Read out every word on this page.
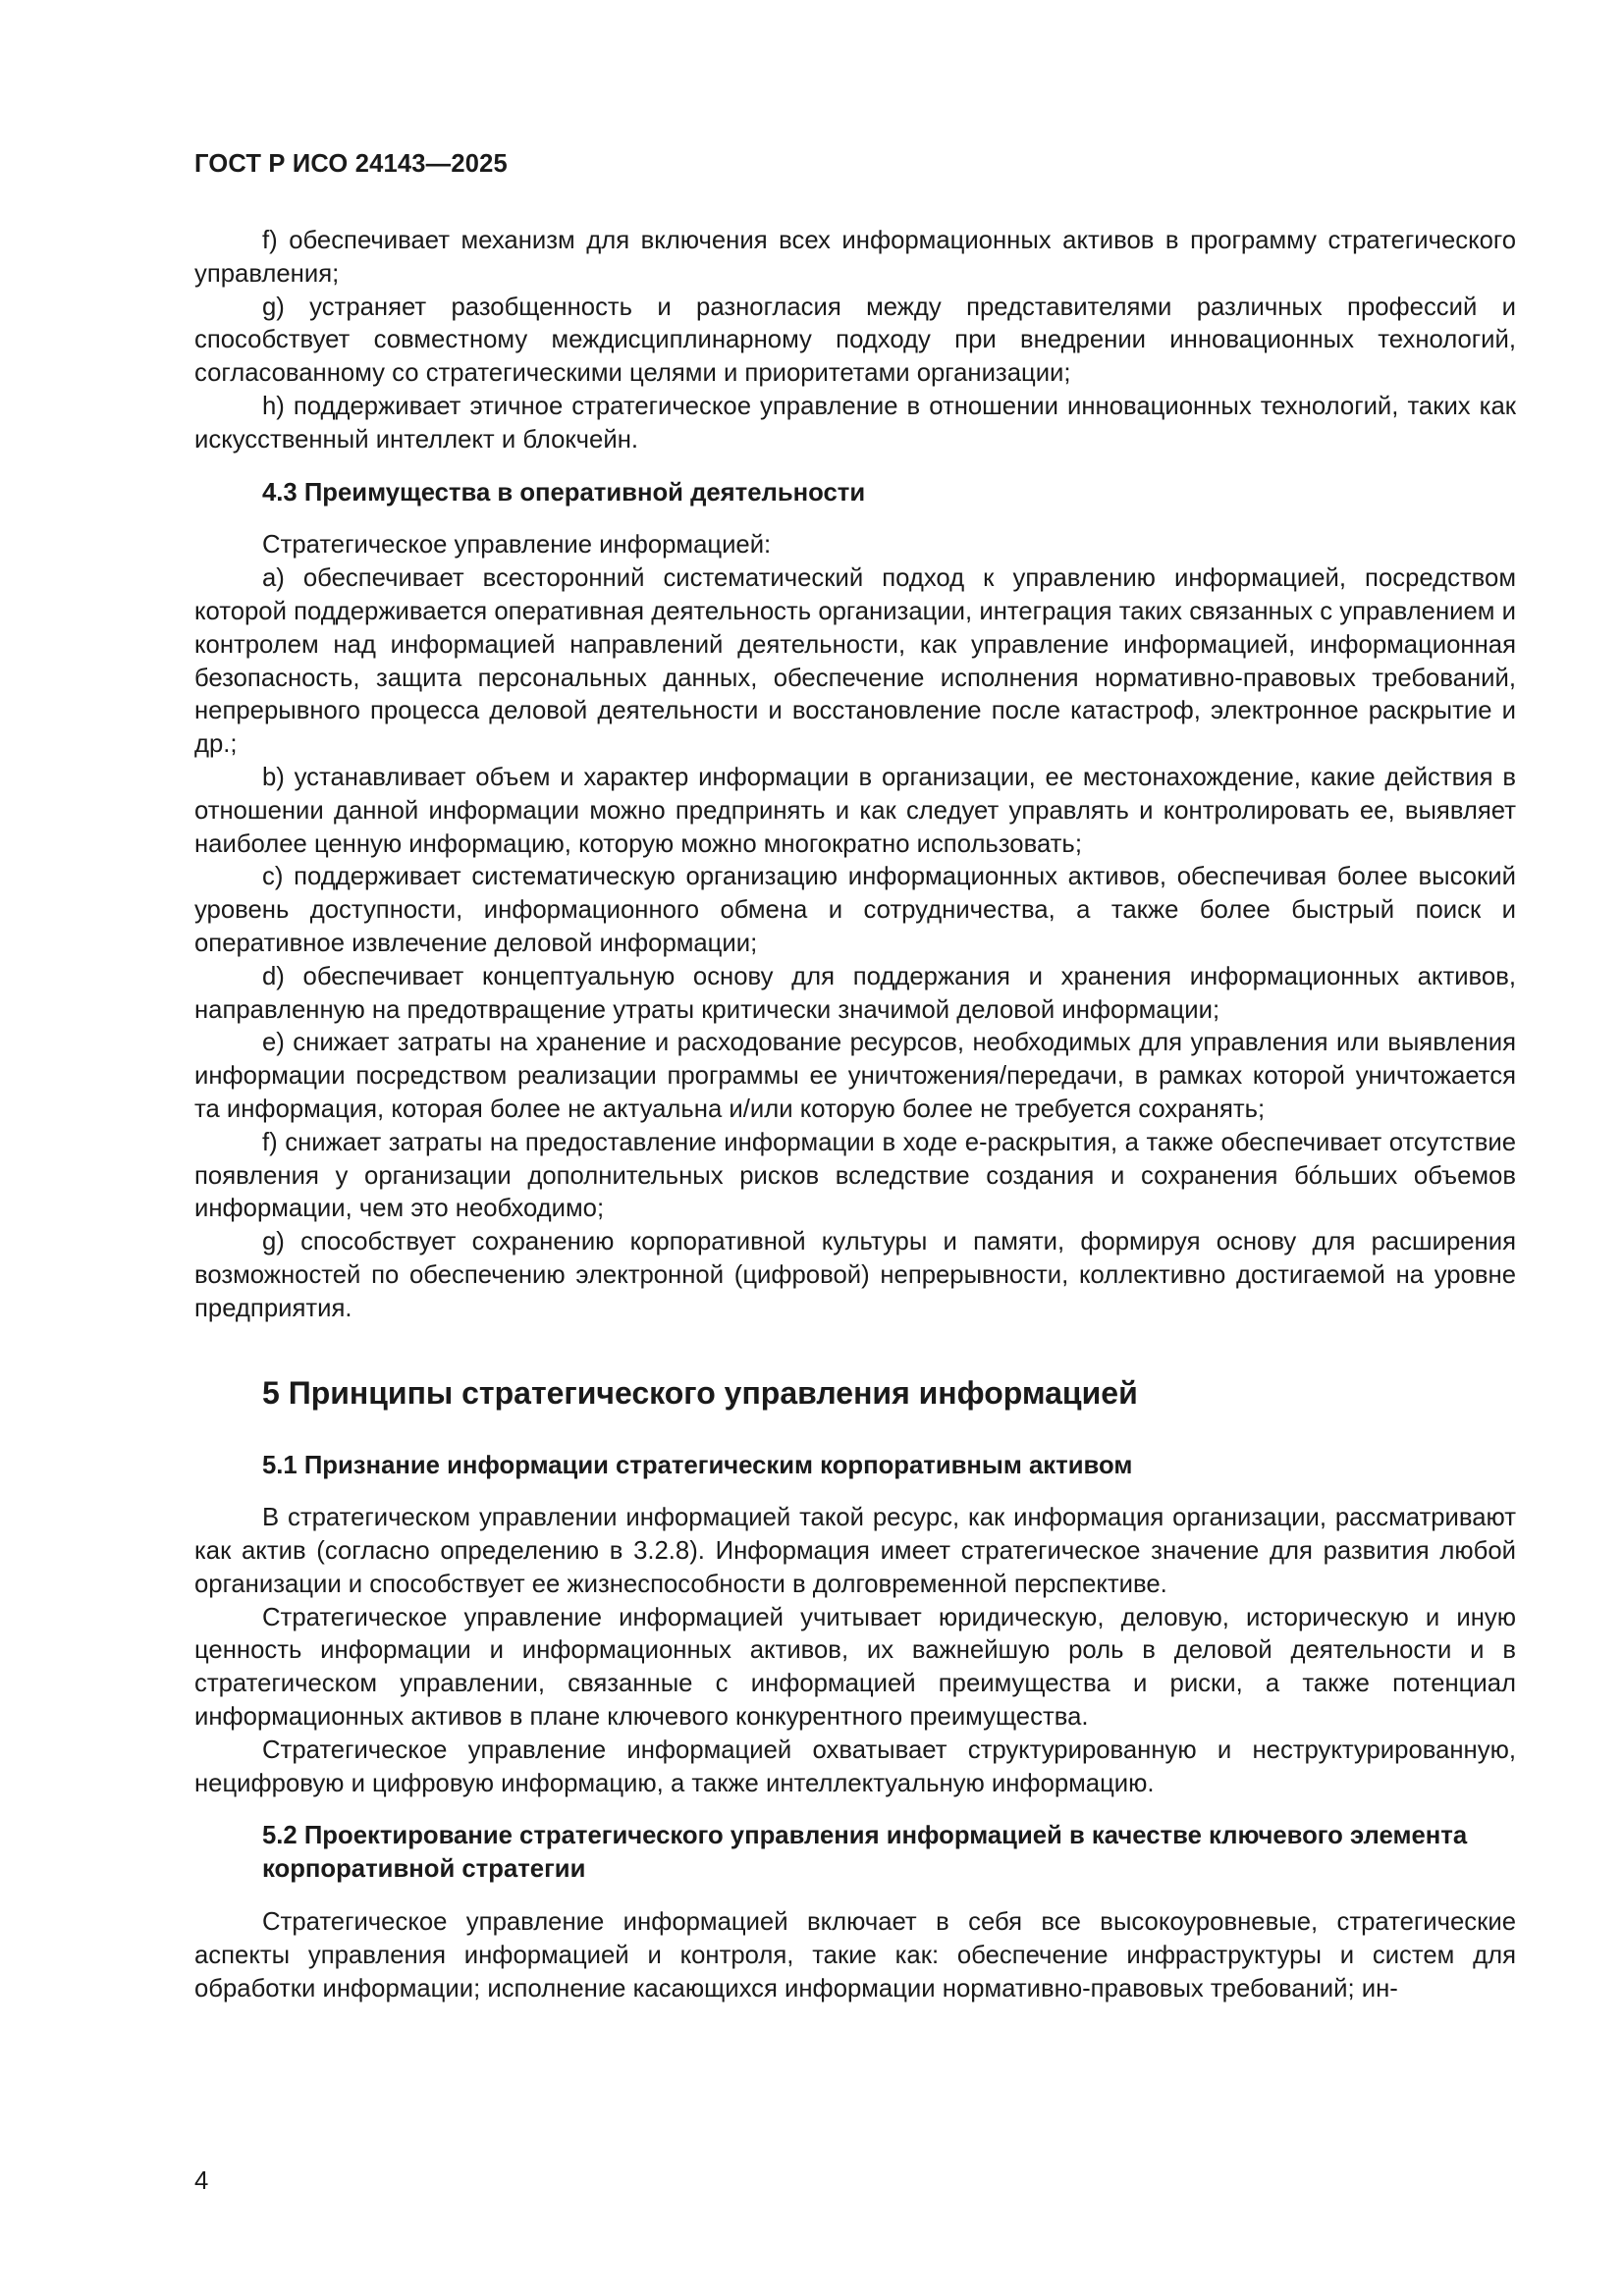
ГОСТ Р ИСО 24143—2025

f) обеспечивает механизм для включения всех информационных активов в программу стратегического управления;

g) устраняет разобщенность и разногласия между представителями различных профессий и способствует совместному междисциплинарному подходу при внедрении инновационных технологий, согласованному со стратегическими целями и приоритетами организации;

h) поддерживает этичное стратегическое управление в отношении инновационных технологий, таких как искусственный интеллект и блокчейн.

4.3 Преимущества в оперативной деятельности

Стратегическое управление информацией:

a) обеспечивает всесторонний систематический подход к управлению информацией, посредством которой поддерживается оперативная деятельность организации, интеграция таких связанных с управлением и контролем над информацией направлений деятельности, как управление информацией, информационная безопасность, защита персональных данных, обеспечение исполнения нормативно-правовых требований, непрерывного процесса деловой деятельности и восстановление после катастроф, электронное раскрытие и др.;

b) устанавливает объем и характер информации в организации, ее местонахождение, какие действия в отношении данной информации можно предпринять и как следует управлять и контролировать ее, выявляет наиболее ценную информацию, которую можно многократно использовать;

c) поддерживает систематическую организацию информационных активов, обеспечивая более высокий уровень доступности, информационного обмена и сотрудничества, а также более быстрый поиск и оперативное извлечение деловой информации;

d) обеспечивает концептуальную основу для поддержания и хранения информационных активов, направленную на предотвращение утраты критически значимой деловой информации;

e) снижает затраты на хранение и расходование ресурсов, необходимых для управления или выявления информации посредством реализации программы ее уничтожения/передачи, в рамках которой уничтожается та информация, которая более не актуальна и/или которую более не требуется сохранять;

f) снижает затраты на предоставление информации в ходе е-раскрытия, а также обеспечивает отсутствие появления у организации дополнительных рисков вследствие создания и сохранения бóльших объемов информации, чем это необходимо;

g) способствует сохранению корпоративной культуры и памяти, формируя основу для расширения возможностей по обеспечению электронной (цифровой) непрерывности, коллективно достигаемой на уровне предприятия.

5 Принципы стратегического управления информацией
5.1 Признание информации стратегическим корпоративным активом

В стратегическом управлении информацией такой ресурс, как информация организации, рассматривают как актив (согласно определению в 3.2.8). Информация имеет стратегическое значение для развития любой организации и способствует ее жизнеспособности в долговременной перспективе.

Стратегическое управление информацией учитывает юридическую, деловую, историческую и иную ценность информации и информационных активов, их важнейшую роль в деловой деятельности и в стратегическом управлении, связанные с информацией преимущества и риски, а также потенциал информационных активов в плане ключевого конкурентного преимущества.

Стратегическое управление информацией охватывает структурированную и неструктурированную, нецифровую и цифровую информацию, а также интеллектуальную информацию.

5.2 Проектирование стратегического управления информацией в качестве ключевого элемента корпоративной стратегии

Стратегическое управление информацией включает в себя все высокоуровневые, стратегические аспекты управления информацией и контроля, такие как: обеспечение инфраструктуры и систем для обработки информации; исполнение касающихся информации нормативно-правовых требований; ин-

4
